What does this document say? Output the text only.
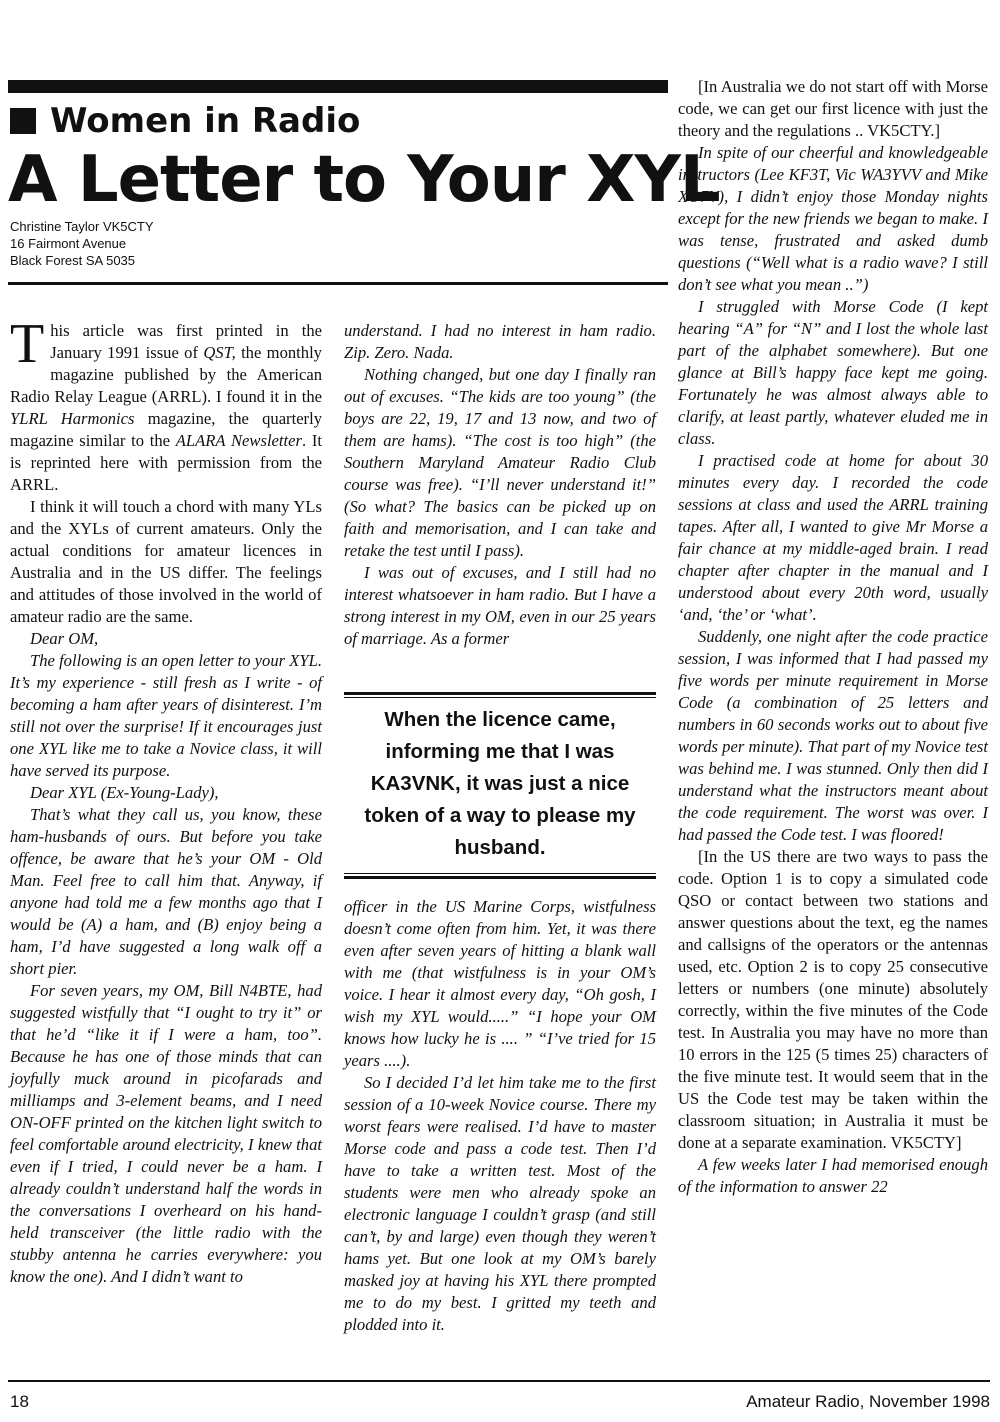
Women in Radio
A Letter to Your XYL
Christine Taylor VK5CTY
16 Fairmont Avenue
Black Forest SA 5035

This article was first printed in the January 1991 issue of QST, the monthly magazine published by the American Radio Relay League (ARRL). I found it in the YLRL Harmonics magazine, the quarterly magazine similar to the ALARA Newsletter. It is reprinted here with permission from the ARRL.

I think it will touch a chord with many YLs and the XYLs of current amateurs. Only the actual conditions for amateur licences in Australia and in the US differ. The feelings and attitudes of those involved in the world of amateur radio are the same.

Dear OM,

The following is an open letter to your XYL. It’s my experience - still fresh as I write - of becoming a ham after years of disinterest. I’m still not over the surprise! If it encourages just one XYL like me to take a Novice class, it will have served its purpose.

Dear XYL (Ex-Young-Lady),

That’s what they call us, you know, these ham-husbands of ours. But before you take offence, be aware that he’s your OM - Old Man. Feel free to call him that. Anyway, if anyone had told me a few months ago that I would be (A) a ham, and (B) enjoy being a ham, I’d have suggested a long walk off a short pier.

For seven years, my OM, Bill N4BTE, had suggested wistfully that “I ought to try it” or that he’d “like it if I were a ham, too”. Because he has one of those minds that can joyfully muck around in picofarads and milliamps and 3-element beams, and I need ON-OFF printed on the kitchen light switch to feel comfortable around electricity, I knew that even if I tried, I could never be a ham. I already couldn’t understand half the words in the conversations I overheard on his hand-held transceiver (the little radio with the stubby antenna he carries everywhere: you know the one). And I didn’t want to

understand. I had no interest in ham radio. Zip. Zero. Nada.

Nothing changed, but one day I finally ran out of excuses. “The kids are too young” (the boys are 22, 19, 17 and 13 now, and two of them are hams). “The cost is too high” (the Southern Maryland Amateur Radio Club course was free). “I’ll never understand it!” (So what? The basics can be picked up on faith and memorisation, and I can take and retake the test until I pass).

I was out of excuses, and I still had no interest whatsoever in ham radio. But I have a strong interest in my OM, even in our 25 years of marriage. As a former

When the licence came, informing me that I was KA3VNK, it was just a nice token of a way to please my husband.

officer in the US Marine Corps, wistfulness doesn’t come often from him. Yet, it was there even after seven years of hitting a blank wall with me (that wistfulness is in your OM’s voice. I hear it almost every day, “Oh gosh, I wish my XYL would.....” “I hope your OM knows how lucky he is .... ” “I’ve tried for 15 years ....).

So I decided I’d let him take me to the first session of a 10-week Novice course. There my worst fears were realised. I’d have to master Morse code and pass a code test. Then I’d have to take a written test. Most of the students were men who already spoke an electronic language I couldn’t grasp (and still can’t, by and large) even though they weren’t hams yet. But one look at my OM’s barely masked joy at having his XYL there prompted me to do my best. I gritted my teeth and plodded into it.

[In Australia we do not start off with Morse code, we can get our first licence with just the theory and the regulations .. VK5CTY.]

In spite of our cheerful and knowledgeable instructors (Lee KF3T, Vic WA3YVV and Mike XO7V), I didn’t enjoy those Monday nights except for the new friends we began to make. I was tense, frustrated and asked dumb questions (“Well what is a radio wave? I still don’t see what you mean ..”)

I struggled with Morse Code (I kept hearing “A” for “N” and I lost the whole last part of the alphabet somewhere). But one glance at Bill’s happy face kept me going. Fortunately he was almost always able to clarify, at least partly, whatever eluded me in class.

I practised code at home for about 30 minutes every day. I recorded the code sessions at class and used the ARRL training tapes. After all, I wanted to give Mr Morse a fair chance at my middle-aged brain. I read chapter after chapter in the manual and I understood about every 20th word, usually ‘and, ‘the’ or ‘what’.

Suddenly, one night after the code practice session, I was informed that I had passed my five words per minute requirement in Morse Code (a combination of 25 letters and numbers in 60 seconds works out to about five words per minute). That part of my Novice test was behind me. I was stunned. Only then did I understand what the instructors meant about the code requirement. The worst was over. I had passed the Code test. I was floored!

[In the US there are two ways to pass the code. Option 1 is to copy a simulated code QSO or contact between two stations and answer questions about the text, eg the names and callsigns of the operators or the antennas used, etc. Option 2 is to copy 25 consecutive letters or numbers (one minute) absolutely correctly, within the five minutes of the Code test. In Australia you may have no more than 10 errors in the 125 (5 times 25) characters of the five minute test. It would seem that in the US the Code test may be taken within the classroom situation; in Australia it must be done at a separate examination. VK5CTY]

A few weeks later I had memorised enough of the information to answer 22

18	Amateur Radio, November 1998
